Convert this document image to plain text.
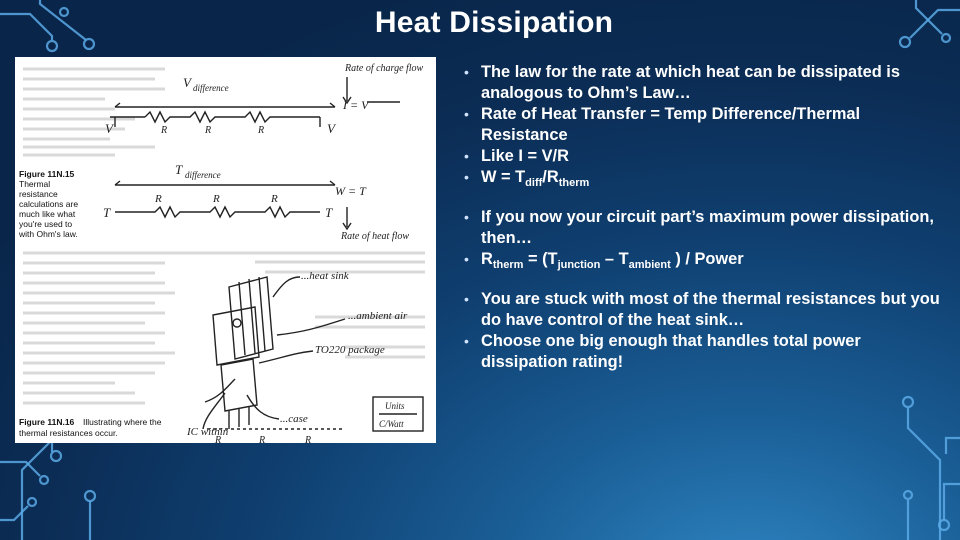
Heat Dissipation
V difference
Rate of charge flow
I = V
R	R	R
V	V
T difference
W = T
Rate of heat flow
T	T
R	R	R
Figure 11N.15
Thermal
resistance
calculations are
much like what
you're used to
with Ohm's law.
Figure 11N.16 Illustrating where the
thermal resistances occur.
...heat sink
...ambient air
TO220 package
...case
IC within
R	R	R
Units
C/Watt
• The law for the rate at which heat can be dissipated is analogous to Ohm’s Law…
• Rate of Heat Transfer = Temp Difference/Thermal Resistance
• Like I = V/R
• $W = T_{diff}/R_{therm}$
• If you now your circuit part’s maximum power dissipation, then…
• $R_{therm} = (T_{junction} - T_{ambient}$ ) / Power
• You are stuck with most of the thermal resistances but you do have control of the heat sink…
• Choose one big enough that handles total power dissipation rating!
